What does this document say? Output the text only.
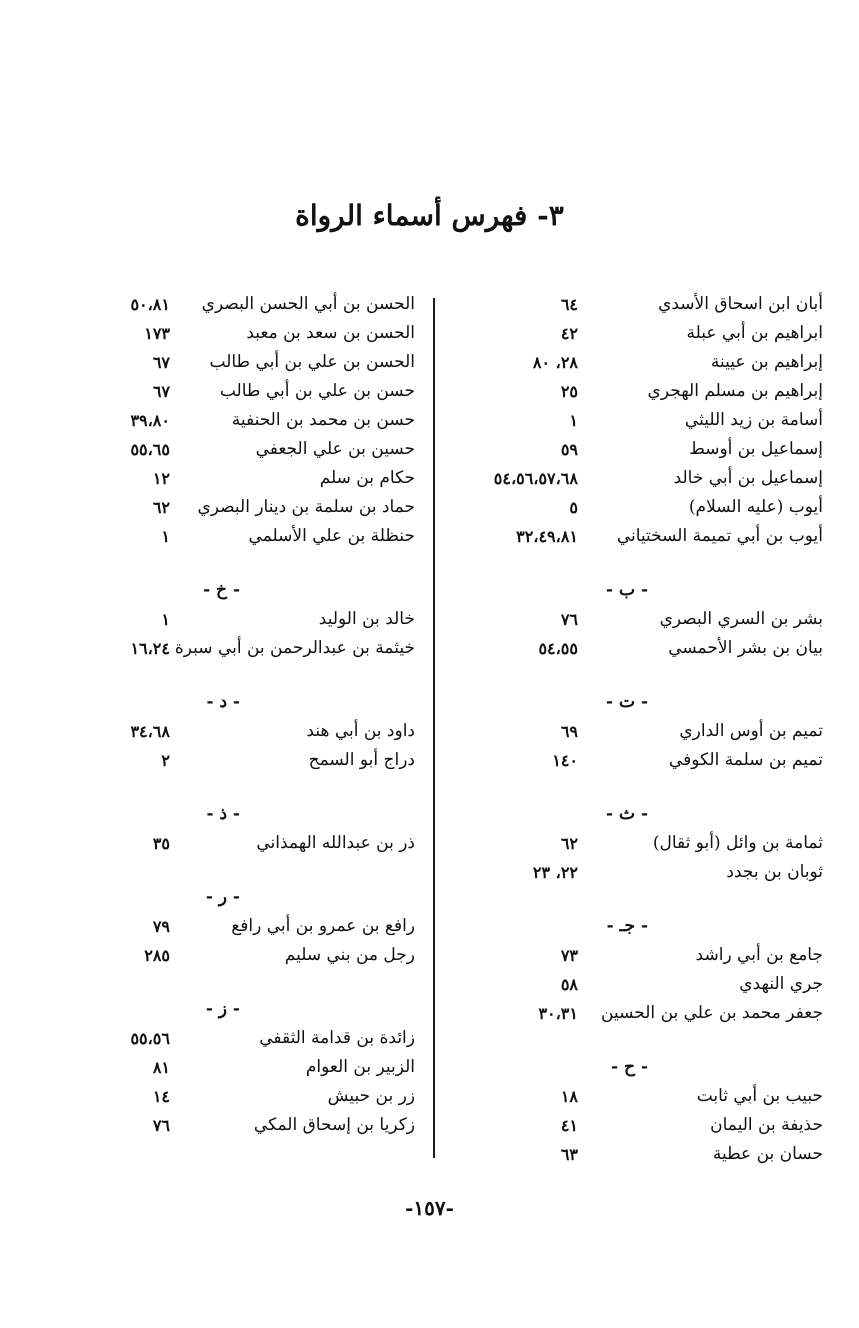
٣- فهرس أسماء الرواة
أبان ابن اسحاق الأسدي
٦٤
ابراهيم بن أبي عبلة
٤٢
إبراهيم بن عيينة
٢٨، ٨٠
إبراهيم بن مسلم الهجري
٢٥
أسامة بن زيد الليثي
١
إسماعيل بن أوسط
٥٩
إسماعيل بن أبي خالد
٥٤،٥٦،٥٧،٦٨
أيوب (عليه السلام)
٥
أيوب بن أبي تميمة السختياني
٣٢،٤٩،٨١
- ب -
بشر بن السري البصري
٧٦
بيان بن بشر الأحمسي
٥٤،٥٥
- ت -
تميم بن أوس الداري
٦٩
تميم بن سلمة الكوفي
١٤٠
- ث -
ثمامة بن وائل (أبو ثقال)
٦٢
ثوبان بن بجدد
٢٢، ٢٣
- جـ -
جامع بن أبي راشد
٧٣
جري النهدي
٥٨
جعفر محمد بن علي بن الحسين
٣٠،٣١
- ح -
حبيب بن أبي ثابت
١٨
حذيفة بن اليمان
٤١
حسان بن عطية
٦٣
الحسن بن أبي الحسن البصري
٥٠،٨١
الحسن بن سعد بن معبد
١٧٣
الحسن بن علي بن أبي طالب
٦٧
حسن بن علي بن أبي طالب
٦٧
حسن بن محمد بن الحنفية
٣٩،٨٠
حسين بن علي الجعفي
٥٥،٦٥
حكام بن سلم
١٢
حماد بن سلمة بن دينار البصري
٦٢
حنظلة بن علي الأسلمي
١
- خ -
خالد بن الوليد
١
خيثمة بن عبدالرحمن بن أبي سبرة
١٦،٢٤
- د -
داود بن أبي هند
٣٤،٦٨
دراج أبو السمح
٢
- ذ -
ذر بن عبدالله الهمذاني
٣٥
- ر -
رافع بن عمرو بن أبي رافع
٧٩
رجل من بني سليم
٢٨٥
- ز -
زائدة بن قدامة الثقفي
٥٥،٥٦
الزبير بن العوام
٨١
زر بن حبيش
١٤
زكريا بن إسحاق المكي
٧٦
-١٥٧-
